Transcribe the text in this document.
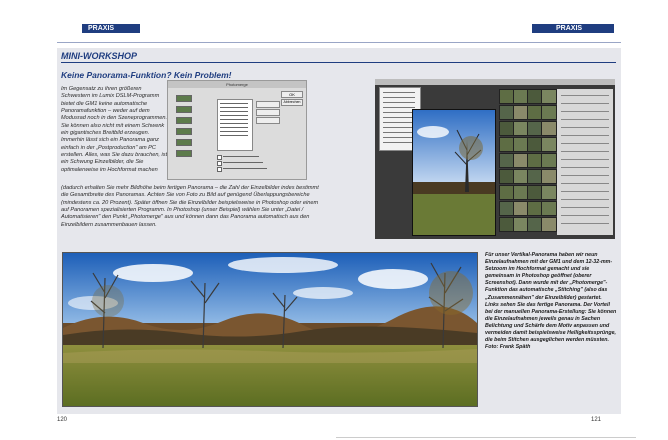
PRAXIS	PRAXIS
MINI-WORKSHOP
Keine Panorama-Funktion? Kein Problem!
Im Gegensatz zu ihren größeren Schwestern im Lumix DSLM-Programm bietet die GM1 keine automatische Panoramafunktion – weder auf dem Modusrad noch in den Szeneprogrammen. Sie können also nicht mit einem Schwenk ein gigantisches Breitbild erzeugen. Immerhin lässt sich ein Panorama ganz einfach in der „Postproduction" am PC erstellen. Alles, was Sie dazu brauchen, ist ein Schwung Einzelbilder, die Sie optimalerweise im Hochformat machen
(dadurch erhalten Sie mehr Bildhöhe beim fertigen Panorama – die Zahl der Einzelbilder indes bestimmt die Gesamtbreite des Panoramas. Achten Sie von Foto zu Bild auf genügend Überlappungsbereiche (mindestens ca. 20 Prozent). Später öffnen Sie die Einzelbilder beispielsweise in Photoshop oder einem auf Panoramen spezialisierten Programm. In Photoshop (unser Beispiel) wählen Sie unter „Datei / Automatisieren" den Punkt „Photomerge" aus und können dann das Panorama automatisch aus den Einzelbildern zusammenbauen lassen.
Photomerge
OK
Abbrechen
Für unser Vertikal-Panorama haben wir neun Einzelaufnahmen mit der GM1 und dem 12-32-mm-Setzoom im Hochformat gemacht und sie gemeinsam in Photoshop geöffnet (oberer Screenshot). Dann wurde mit der „Photomerge"-Funktion das automatische „Stitching" (also das „Zusammennähen" der Einzelbilder) gestartet. Links sehen Sie das fertige Panorama. Der Vorteil bei der manuellen Panorama-Erstellung: Sie können die Einzelaufnahmen jeweils genau in Sachen Belichtung und Schärfe dem Motiv anpassen und vermeiden damit beispielsweise Helligkeitssprünge, die beim Stitchen ausgeglichen werden müssten. Foto: Frank Späth
120	121
